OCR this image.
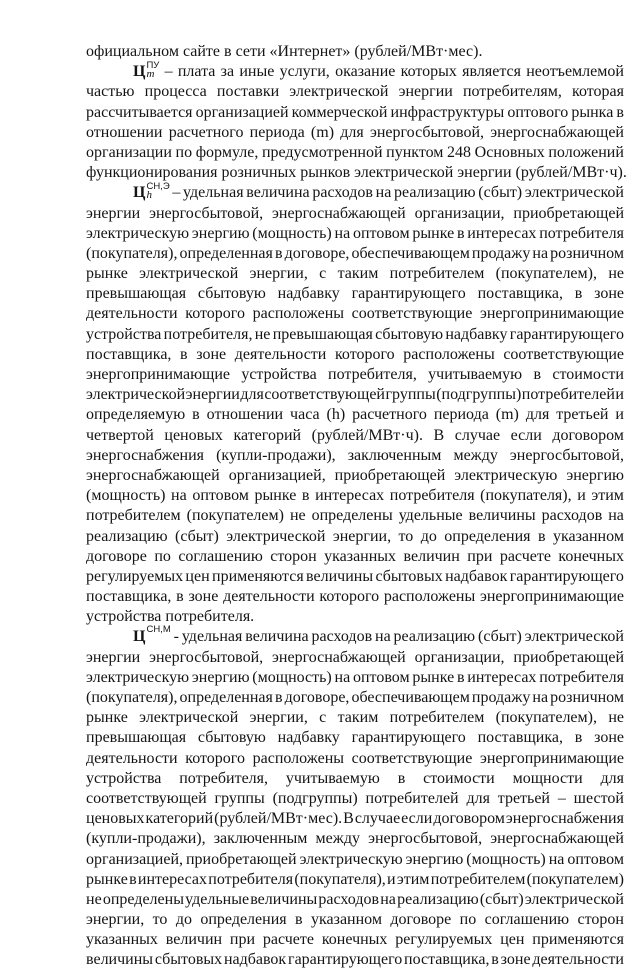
официальном сайте в сети «Интернет» (рублей/МВт·мес).
Ц ПУ
m – плата за иные услуги, оказание которых является неотъемлемой
частью процесса поставки электрической энергии потребителям, которая
рассчитывается организацией коммерческой инфраструктуры оптового рынка в
отношении расчетного периода (m) для энергосбытовой, энергоснабжающей
организации по формуле, предусмотренной пунктом 248 Основных положений
функционирования розничных рынков электрической энергии (рублей/МВт·ч).
Ц СН,Э
h	– удельная величина расходов на реализацию (сбыт) электрической
энергии энергосбытовой, энергоснабжающей организации, приобретающей
электрическую энергию (мощность) на оптовом рынке в интересах потребителя
(покупателя), определенная в договоре, обеспечивающем продажу на розничном
рынке электрической энергии, с таким потребителем (покупателем), не
превышающая сбытовую надбавку гарантирующего поставщика, в зоне
деятельности которого расположены соответствующие энергопринимающие
устройства потребителя, не превышающая сбытовую надбавку гарантирующего
поставщика, в зоне деятельности которого расположены соответствующие
энергопринимающие устройства потребителя, учитываемую в стоимости
электрической энергии для соответствующей группы (подгруппы) потребителей и
определяемую в отношении часа (h) расчетного периода (m) для третьей и
четвертой ценовых категорий (рублей/МВт·ч). В случае если договором
энергоснабжения (купли-продажи), заключенным между энергосбытовой,
энергоснабжающей организацией, приобретающей электрическую энергию
(мощность) на оптовом рынке в интересах потребителя (покупателя), и этим
потребителем (покупателем) не определены удельные величины расходов на
реализацию (сбыт) электрической энергии, то до определения в указанном
договоре по соглашению сторон указанных величин при расчете конечных
регулируемых цен применяются величины сбытовых надбавок гарантирующего
поставщика, в зоне деятельности которого расположены энергопринимающие
устройства потребителя.
Ц СН,М - удельная величина расходов на реализацию (сбыт) электрической
энергии энергосбытовой, энергоснабжающей организации, приобретающей
электрическую энергию (мощность) на оптовом рынке в интересах потребителя
(покупателя), определенная в договоре, обеспечивающем продажу на розничном
рынке электрической энергии, с таким потребителем (покупателем), не
превышающая сбытовую надбавку гарантирующего поставщика, в зоне
деятельности которого расположены соответствующие энергопринимающие
устройства потребителя, учитываемую в стоимости мощности для
соответствующей группы (подгруппы) потребителей для третьей – шестой
ценовых категорий (рублей/МВт·мес). В случае если договором энергоснабжения
(купли-продажи), заключенным между энергосбытовой, энергоснабжающей
организацией, приобретающей электрическую энергию (мощность) на оптовом
рынке в интересах потребителя (покупателя), и этим потребителем (покупателем)
не определены удельные величины расходов на реализацию (сбыт) электрической
энергии, то до определения в указанном договоре по соглашению сторон
указанных величин при расчете конечных регулируемых цен применяются
величины сбытовых надбавок гарантирующего поставщика, в зоне деятельности
